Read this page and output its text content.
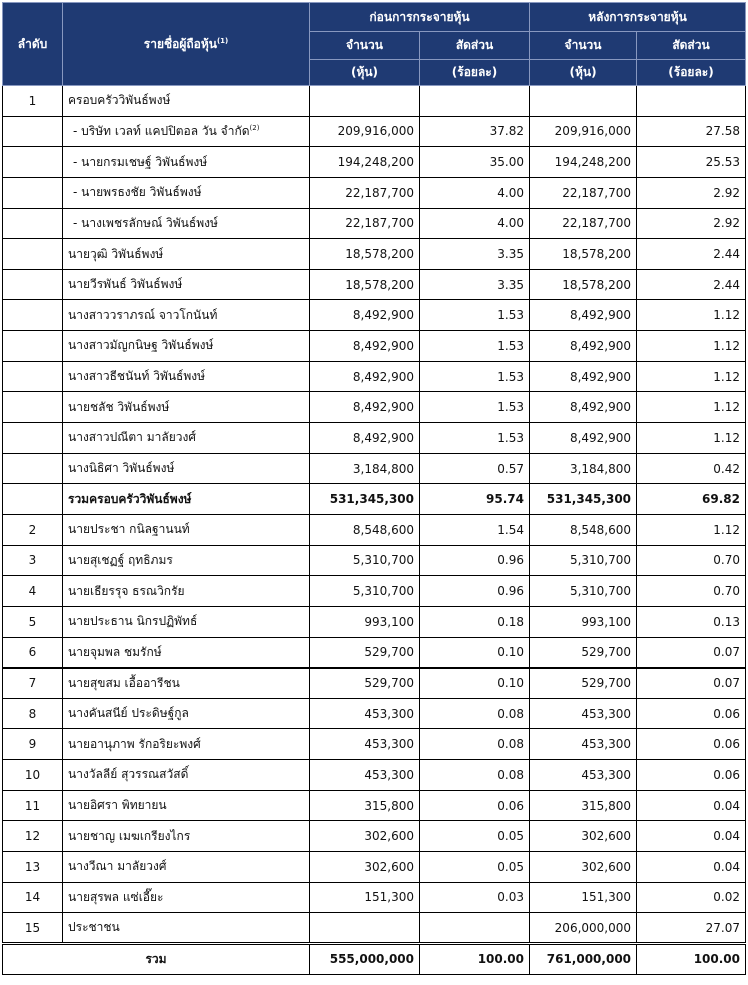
ลำดับ	รายชื่อผู้ถือหุ้น$^{(1)}$	ก่อนการกระจายหุ้น		หลังการกระจายหุ้น	
		จำนวน	สัดส่วน	จำนวน	สัดส่วน
		(หุ้น)	(ร้อยละ)	(หุ้น)	(ร้อยละ)
1	ครอบครัววิพันธ์พงษ์				
	- บริษัท เวลท์ แคปปิตอล วัน จำกัด$^{(2)}$	209,916,000	37.82	209,916,000	27.58
	- นายกรมเชษฐ์ วิพันธ์พงษ์	194,248,200	35.00	194,248,200	25.53
	- นายพรธงชัย วิพันธ์พงษ์	22,187,700	4.00	22,187,700	2.92
	- นางเพชรลักษณ์ วิพันธ์พงษ์	22,187,700	4.00	22,187,700	2.92
	นายวุฒิ วิพันธ์พงษ์	18,578,200	3.35	18,578,200	2.44
	นายวีรพันธ์ วิพันธ์พงษ์	18,578,200	3.35	18,578,200	2.44
	นางสาววราภรณ์ จาวโกนันท์	8,492,900	1.53	8,492,900	1.12
	นางสาวมัญกนิษฐ วิพันธ์พงษ์	8,492,900	1.53	8,492,900	1.12
	นางสาวธีชนันท์ วิพันธ์พงษ์	8,492,900	1.53	8,492,900	1.12
	นายชลัช วิพันธ์พงษ์	8,492,900	1.53	8,492,900	1.12
	นางสาวปณีตา มาลัยวงศ์	8,492,900	1.53	8,492,900	1.12
	นางนิธิศา วิพันธ์พงษ์	3,184,800	0.57	3,184,800	0.42
	รวมครอบครัววิพันธ์พงษ์	531,345,300	95.74	531,345,300	69.82
2	นายประชา กนิลฐานนท์	8,548,600	1.54	8,548,600	1.12
3	นายสุเชฏฐ์ ฤทธิภมร	5,310,700	0.96	5,310,700	0.70
4	นายเธียรรุจ ธรณวิกรัย	5,310,700	0.96	5,310,700	0.70
5	นายประธาน นิกรปฏิพัทธ์	993,100	0.18	993,100	0.13
6	นายจุมพล ชมรักษ์	529,700	0.10	529,700	0.07
7	นายสุขสม เอื้ออารีชน	529,700	0.10	529,700	0.07
8	นางคันสนีย์ ประดิษฐ์กูล	453,300	0.08	453,300	0.06
9	นายอานุภาพ รักอริยะพงศ์	453,300	0.08	453,300	0.06
10	นางวัลลีย์ สุวรรณสวัสดิ์	453,300	0.08	453,300	0.06
11	นายอิศรา พิทยายน	315,800	0.06	315,800	0.04
12	นายชาญ เมฆเกรียงไกร	302,600	0.05	302,600	0.04
13	นางวีณา มาลัยวงศ์	302,600	0.05	302,600	0.04
14	นายสุรพล แซ่เอี๊ยะ	151,300	0.03	151,300	0.02
15	ประชาชน			206,000,000	27.07
รวม		555,000,000	100.00	761,000,000	100.00
